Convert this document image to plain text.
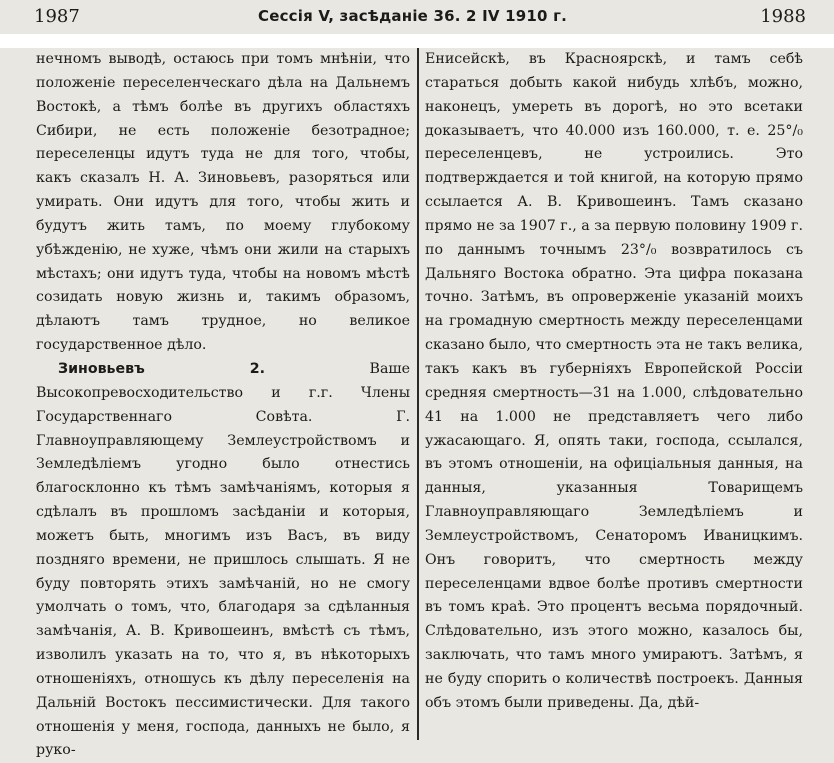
1987	Сессія V, засѣданіе 36. 2 IV 1910 г.	1988

нечномъ выводѣ, остаюсь при томъ мнѣніи, что положеніе переселенческаго дѣла на Дальнемъ Востокѣ, а тѣмъ болѣе въ другихъ областяхъ Сибири, не есть положеніе безотрадное; переселенцы идутъ туда не для того, чтобы, какъ сказалъ Н. А. Зиновьевъ, разоряться или умирать. Они идутъ для того, чтобы жить и будутъ жить тамъ, по моему глубокому убѣжденію, не хуже, чѣмъ они жили на старыхъ мѣстахъ; они идутъ туда, чтобы на новомъ мѣстѣ созидать новую жизнь и, такимъ образомъ, дѣлаютъ тамъ трудное, но великое государственное дѣло.

Зиновьевъ 2. Ваше Высокопревосходительство и г.г. Члены Государственнаго Совѣта. Г. Главноуправляющему Землеустройствомъ и Земледѣліемъ угодно было отнестись благосклонно къ тѣмъ замѣчаніямъ, которыя я сдѣлалъ въ прошломъ засѣданіи и которыя, можетъ быть, многимъ изъ Васъ, въ виду поздняго времени, не пришлось слышать. Я не буду повторять этихъ замѣчаній, но не смогу умолчать о томъ, что, благодаря за сдѣланныя замѣчанія, А. В. Кривошеинъ, вмѣстѣ съ тѣмъ, изволилъ указать на то, что я, въ нѣкоторыхъ отношеніяхъ, отношусь къ дѣлу переселенія на Дальній Востокъ пессимистически. Для такого отношенія у меня, господа, данныхъ не было, я руко-

Енисейскѣ, въ Красноярскѣ, и тамъ себѣ стараться добыть какой нибудь хлѣбъ, можно, наконецъ, умереть въ дорогѣ, но это всетаки доказываетъ, что 40.000 изъ 160.000, т. е. 25°/₀ переселенцевъ, не устроились. Это подтверждается и той книгой, на которую прямо ссылается А. В. Кривошеинъ. Тамъ сказано прямо не за 1907 г., а за первую половину 1909 г. по даннымъ точнымъ 23°/₀ возвратилось съ Дальняго Востока обратно. Эта цифра показана точно. Затѣмъ, въ опроверженіе указаній моихъ на громадную смертность между переселенцами сказано было, что смертность эта не такъ велика, такъ какъ въ губерніяхъ Европейской Россіи средняя смертность—31 на 1.000, слѣдовательно 41 на 1.000 не представляетъ чего либо ужасающаго. Я, опять таки, господа, ссылался, въ этомъ отношеніи, на офиціальныя данныя, на данныя, указанныя Товарищемъ Главноуправляющаго Земледѣліемъ и Землеустройствомъ, Сенаторомъ Иваницкимъ. Онъ говоритъ, что смертность между переселенцами вдвое болѣе противъ смертности въ томъ краѣ. Это процентъ весьма порядочный. Слѣдовательно, изъ этого можно, казалось бы, заключать, что тамъ много умираютъ. Затѣмъ, я не буду спорить о количествѣ построекъ. Данныя объ этомъ были приведены. Да, дѣй-
